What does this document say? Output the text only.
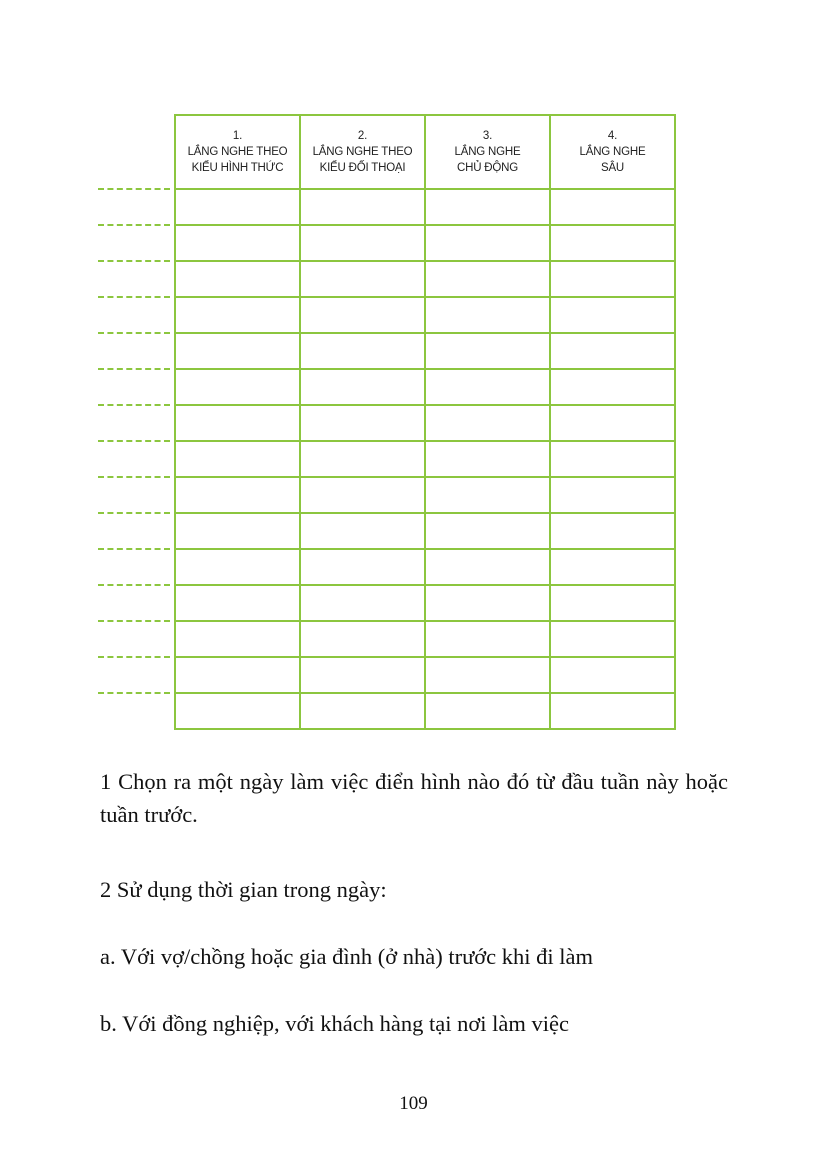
1.
LẮNG NGHE THEO
KIỂU HÌNH THỨC
2.
LẮNG NGHE THEO
KIỂU ĐỐI THOẠI
3.
LẮNG NGHE
CHỦ ĐỘNG
4.
LẮNG NGHE
SÂU

1 Chọn ra một ngày làm việc điển hình nào đó từ đầu tuần này hoặc tuần trước.

2 Sử dụng thời gian trong ngày:

a. Với vợ/chồng hoặc gia đình (ở nhà) trước khi đi làm

b. Với đồng nghiệp, với khách hàng tại nơi làm việc

109
